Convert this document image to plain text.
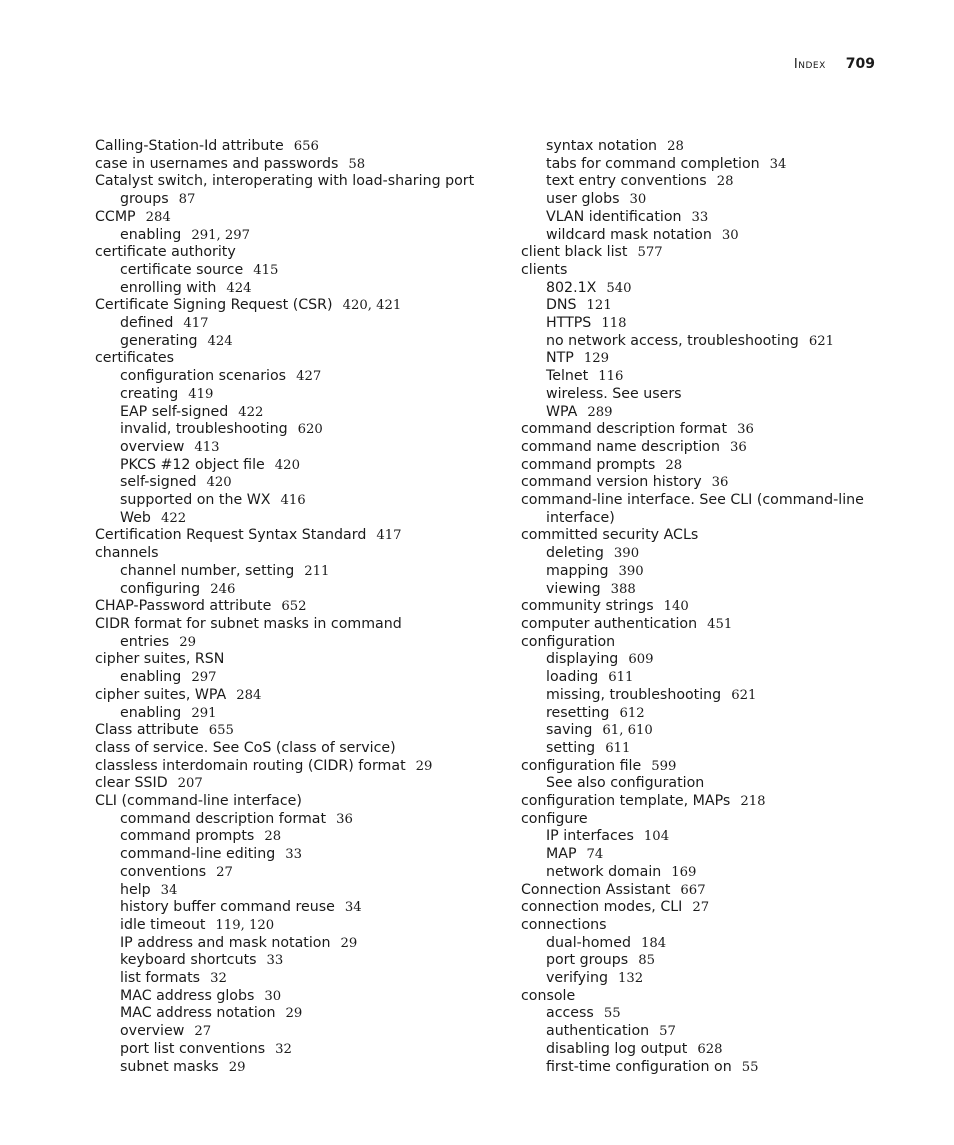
Index 709
Calling-Station-Id attribute 656
case in usernames and passwords 58
Catalyst switch, interoperating with load-sharing port groups 87
CCMP 284
enabling 291, 297
certificate authority
certificate source 415
enrolling with 424
Certificate Signing Request (CSR) 420, 421
defined 417
generating 424
certificates
configuration scenarios 427
creating 419
EAP self-signed 422
invalid, troubleshooting 620
overview 413
PKCS #12 object file 420
self-signed 420
supported on the WX 416
Web 422
Certification Request Syntax Standard 417
channels
channel number, setting 211
configuring 246
CHAP-Password attribute 652
CIDR format for subnet masks in command entries 29
cipher suites, RSN
enabling 297
cipher suites, WPA 284
enabling 291
Class attribute 655
class of service. See CoS (class of service)
classless interdomain routing (CIDR) format 29
clear SSID 207
CLI (command-line interface)
command description format 36
command prompts 28
command-line editing 33
conventions 27
help 34
history buffer command reuse 34
idle timeout 119, 120
IP address and mask notation 29
keyboard shortcuts 33
list formats 32
MAC address globs 30
MAC address notation 29
overview 27
port list conventions 32
subnet masks 29
syntax notation 28
tabs for command completion 34
text entry conventions 28
user globs 30
VLAN identification 33
wildcard mask notation 30
client black list 577
clients
802.1X 540
DNS 121
HTTPS 118
no network access, troubleshooting 621
NTP 129
Telnet 116
wireless. See users
WPA 289
command description format 36
command name description 36
command prompts 28
command version history 36
command-line interface. See CLI (command-line interface)
committed security ACLs
deleting 390
mapping 390
viewing 388
community strings 140
computer authentication 451
configuration
displaying 609
loading 611
missing, troubleshooting 621
resetting 612
saving 61, 610
setting 611
configuration file 599
See also configuration
configuration template, MAPs 218
configure
IP interfaces 104
MAP 74
network domain 169
Connection Assistant 667
connection modes, CLI 27
connections
dual-homed 184
port groups 85
verifying 132
console
access 55
authentication 57
disabling log output 628
first-time configuration on 55
